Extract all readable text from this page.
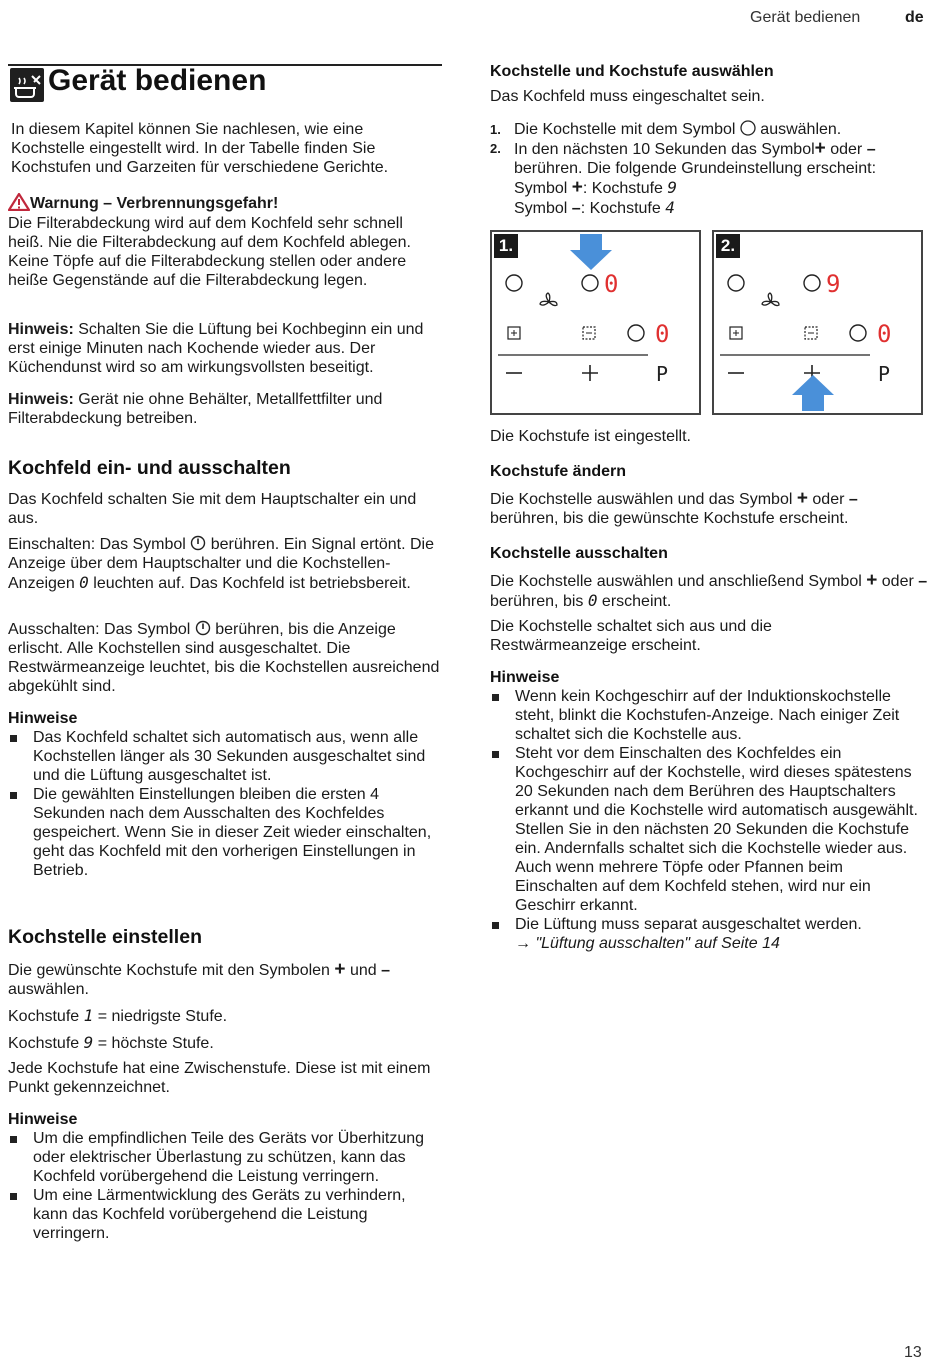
Gerät bedienen	de
Gerät bedienen

In diesem Kapitel können Sie nachlesen, wie eine Kochstelle eingestellt wird. In der Tabelle finden Sie Kochstufen und Garzeiten für verschiedene Gerichte.

Warnung – Verbrennungsgefahr!

Die Filterabdeckung wird auf dem Kochfeld sehr schnell heiß. Nie die Filterabdeckung auf dem Kochfeld ablegen. Keine Töpfe auf die Filterabdeckung stellen oder andere heiße Gegenstände auf die Filterabdeckung legen.

Hinweis: Schalten Sie die Lüftung bei Kochbeginn ein und erst einige Minuten nach Kochende wieder aus. Der Küchendunst wird so am wirkungsvollsten beseitigt.

Hinweis: Gerät nie ohne Behälter, Metallfettfilter und Filterabdeckung betreiben.

Kochfeld ein- und ausschalten

Das Kochfeld schalten Sie mit dem Hauptschalter ein und aus.

Einschalten: Das Symbol  berühren. Ein Signal ertönt. Die Anzeige über dem Hauptschalter und die Kochstellen-Anzeigen 0 leuchten auf. Das Kochfeld ist betriebsbereit.

Ausschalten: Das Symbol  berühren, bis die Anzeige erlischt. Alle Kochstellen sind ausgeschaltet. Die Restwärmeanzeige leuchtet, bis die Kochstellen ausreichend abgekühlt sind.

Hinweise
Das Kochfeld schaltet sich automatisch aus, wenn alle Kochstellen länger als 30 Sekunden ausgeschaltet sind und die Lüftung ausgeschaltet ist.
Die gewählten Einstellungen bleiben die ersten 4 Sekunden nach dem Ausschalten des Kochfeldes gespeichert. Wenn Sie in dieser Zeit wieder einschalten, geht das Kochfeld mit den vorherigen Einstellungen in Betrieb.
Kochstelle einstellen

Die gewünschte Kochstufe mit den Symbolen + und – auswählen.

Kochstufe 1 = niedrigste Stufe.

Kochstufe 9 = höchste Stufe.

Jede Kochstufe hat eine Zwischenstufe. Diese ist mit einem Punkt gekennzeichnet.

Hinweise
Um die empfindlichen Teile des Geräts vor Überhitzung oder elektrischer Überlastung zu schützen, kann das Kochfeld vorübergehend die Leistung verringern.
Um eine Lärmentwicklung des Geräts zu verhindern, kann das Kochfeld vorübergehend die Leistung verringern.
Kochstelle und Kochstufe auswählen

Das Kochfeld muss eingeschaltet sein.

1. Die Kochstelle mit dem Symbol  auswählen.
2. In den nächsten 10 Sekunden das Symbol+ oder – berühren. Die folgende Grundeinstellung erscheint:
Symbol +: Kochstufe 9
Symbol –: Kochstufe 4
1.
0
0
P
2.
9
0
P

Die Kochstufe ist eingestellt.

Kochstufe ändern

Die Kochstelle auswählen und das Symbol + oder – berühren, bis die gewünschte Kochstufe erscheint.

Kochstelle ausschalten

Die Kochstelle auswählen und anschließend Symbol + oder – berühren, bis 0 erscheint.

Die Kochstelle schaltet sich aus und die Restwärmeanzeige erscheint.

Hinweise
Wenn kein Kochgeschirr auf der Induktionskochstelle steht, blinkt die Kochstufen-Anzeige. Nach einiger Zeit schaltet sich die Kochstelle aus.
Steht vor dem Einschalten des Kochfeldes ein Kochgeschirr auf der Kochstelle, wird dieses spätestens 20 Sekunden nach dem Berühren des Hauptschalters erkannt und die Kochstelle wird automatisch ausgewählt. Stellen Sie in den nächsten 20 Sekunden die Kochstufe ein. Andernfalls schaltet sich die Kochstelle wieder aus.
Auch wenn mehrere Töpfe oder Pfannen beim Einschalten auf dem Kochfeld stehen, wird nur ein Geschirr erkannt.
Die Lüftung muss separat ausgeschaltet werden.
→ "Lüftung ausschalten" auf Seite 14
13
